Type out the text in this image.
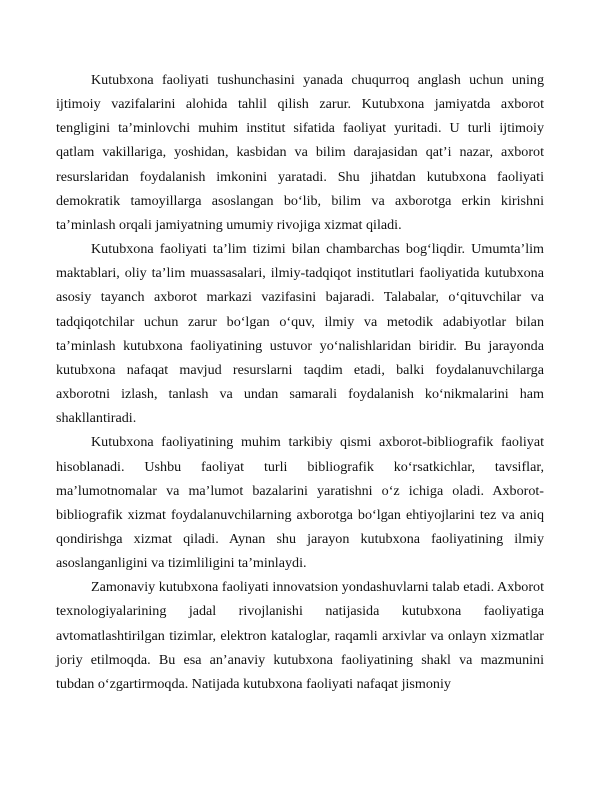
Kutubxona faoliyati tushunchasini yanada chuqurroq anglash uchun uning ijtimoiy vazifalarini alohida tahlil qilish zarur. Kutubxona jamiyatda axborot tengligini ta’minlovchi muhim institut sifatida faoliyat yuritadi. U turli ijtimoiy qatlam vakillariga, yoshidan, kasbidan va bilim darajasidan qat’i nazar, axborot resurslaridan foydalanish imkonini yaratadi. Shu jihatdan kutubxona faoliyati demokratik tamoyillarga asoslangan bo‘lib, bilim va axborotga erkin kirishni ta’minlash orqali jamiyatning umumiy rivojiga xizmat qiladi.

Kutubxona faoliyati ta’lim tizimi bilan chambarchas bog‘liqdir. Umumta’lim maktablari, oliy ta’lim muassasalari, ilmiy-tadqiqot institutlari faoliyatida kutubxona asosiy tayanch axborot markazi vazifasini bajaradi. Talabalar, o‘qituvchilar va tadqiqotchilar uchun zarur bo‘lgan o‘quv, ilmiy va metodik adabiyotlar bilan ta’minlash kutubxona faoliyatining ustuvor yo‘nalishlaridan biridir. Bu jarayonda kutubxona nafaqat mavjud resurslarni taqdim etadi, balki foydalanuvchilarga axborotni izlash, tanlash va undan samarali foydalanish ko‘nikmalarini ham shakllantiradi.

Kutubxona faoliyatining muhim tarkibiy qismi axborot-bibliografik faoliyat hisoblanadi. Ushbu faoliyat turli bibliografik ko‘rsatkichlar, tavsiflar, ma’lumotnomalar va ma’lumot bazalarini yaratishni o‘z ichiga oladi. Axborot-bibliografik xizmat foydalanuvchilarning axborotga bo‘lgan ehtiyojlarini tez va aniq qondirishga xizmat qiladi. Aynan shu jarayon kutubxona faoliyatining ilmiy asoslanganligini va tizimliligini ta’minlaydi.

Zamonaviy kutubxona faoliyati innovatsion yondashuvlarni talab etadi. Axborot texnologiyalarining jadal rivojlanishi natijasida kutubxona faoliyatiga avtomatlashtirilgan tizimlar, elektron kataloglar, raqamli arxivlar va onlayn xizmatlar joriy etilmoqda. Bu esa an’anaviy kutubxona faoliyatining shakl va mazmunini tubdan o‘zgartirmoqda. Natijada kutubxona faoliyati nafaqat jismoniy
